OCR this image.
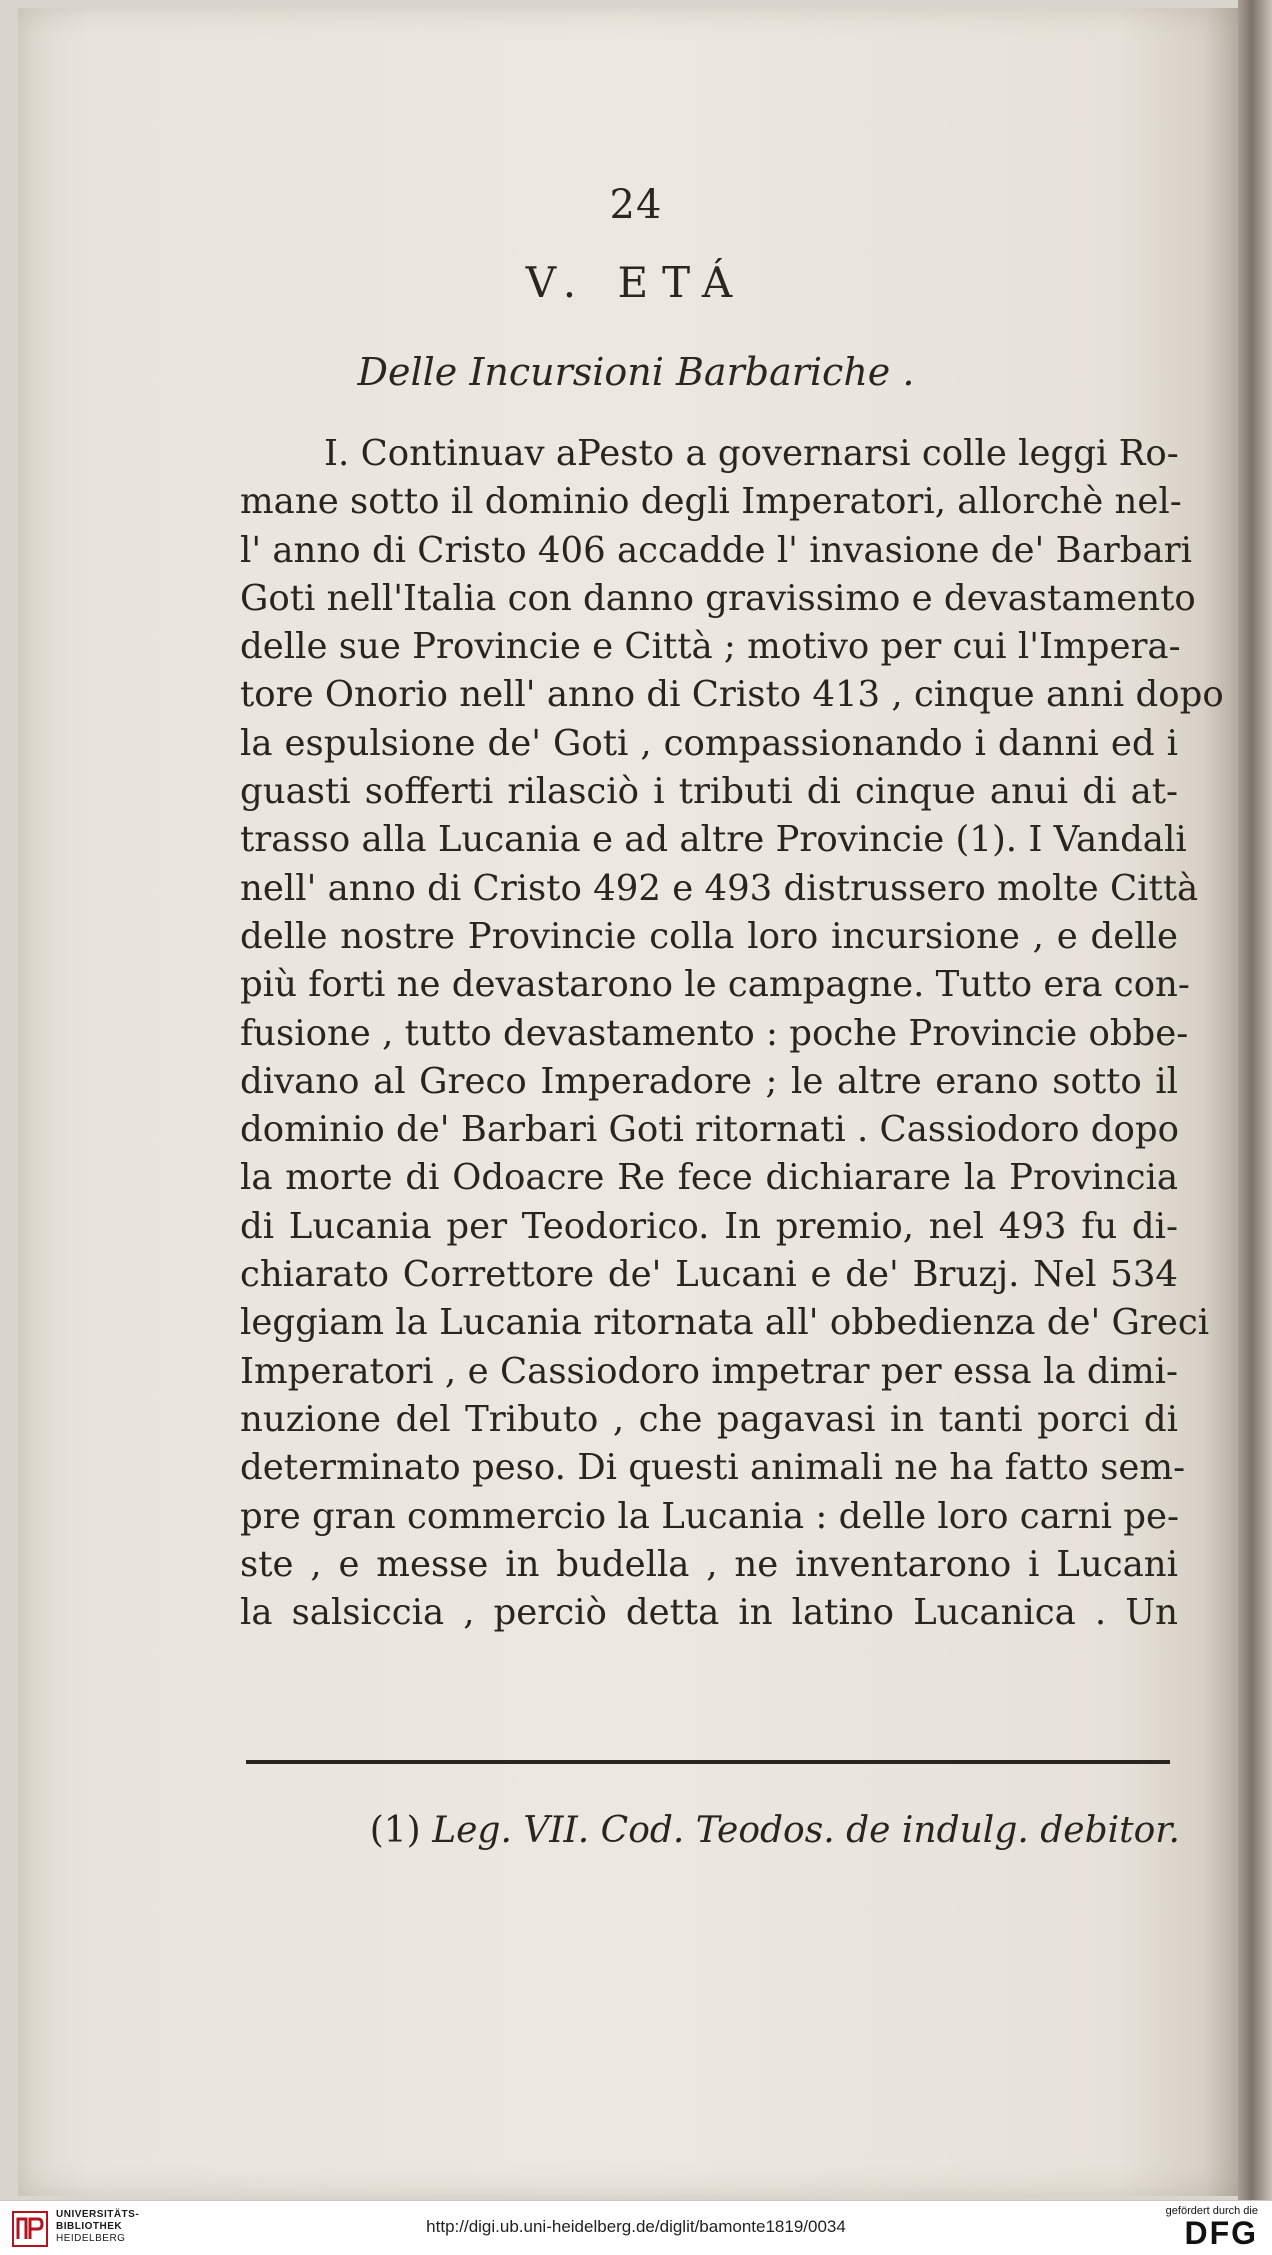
24
V. ETÁ
Delle Incursioni Barbariche .
I. Continuav aPesto a governarsi colle leggi Ro-
mane sotto il dominio degli Imperatori, allorchè nel-
l' anno di Cristo 406 accadde l' invasione de' Barbari
Goti nell'Italia con danno gravissimo e devastamento
delle sue Provincie e Città ; motivo per cui l'Impera-
tore Onorio nell' anno di Cristo 413 , cinque anni dopo
la espulsione de' Goti , compassionando i danni ed i
guasti sofferti rilasciò i tributi di cinque anui di at-
trasso alla Lucania e ad altre Provincie (1). I Vandali
nell' anno di Cristo 492 e 493 distrussero molte Città
delle nostre Provincie colla loro incursione , e delle
più forti ne devastarono le campagne. Tutto era con-
fusione , tutto devastamento : poche Provincie obbe-
divano al Greco Imperadore ; le altre erano sotto il
dominio de' Barbari Goti ritornati . Cassiodoro dopo
la morte di Odoacre Re fece dichiarare la Provincia
di Lucania per Teodorico. In premio, nel 493 fu di-
chiarato Correttore de' Lucani e de' Bruzj. Nel 534
leggiam la Lucania ritornata all' obbedienza de' Greci
Imperatori , e Cassiodoro impetrar per essa la dimi-
nuzione del Tributo , che pagavasi in tanti porci di
determinato peso. Di questi animali ne ha fatto sem-
pre gran commercio la Lucania : delle loro carni pe-
ste , e messe in budella , ne inventarono i Lucani
la salsiccia , perciò detta in latino Lucanica . Un
(1) Leg. VII. Cod. Teodos. de indulg. debitor.
UNIVERSITÄTS-
BIBLIOTHEK
HEIDELBERG
http://digi.ub.uni-heidelberg.de/diglit/bamonte1819/0034
gefördert durch die
DFG
